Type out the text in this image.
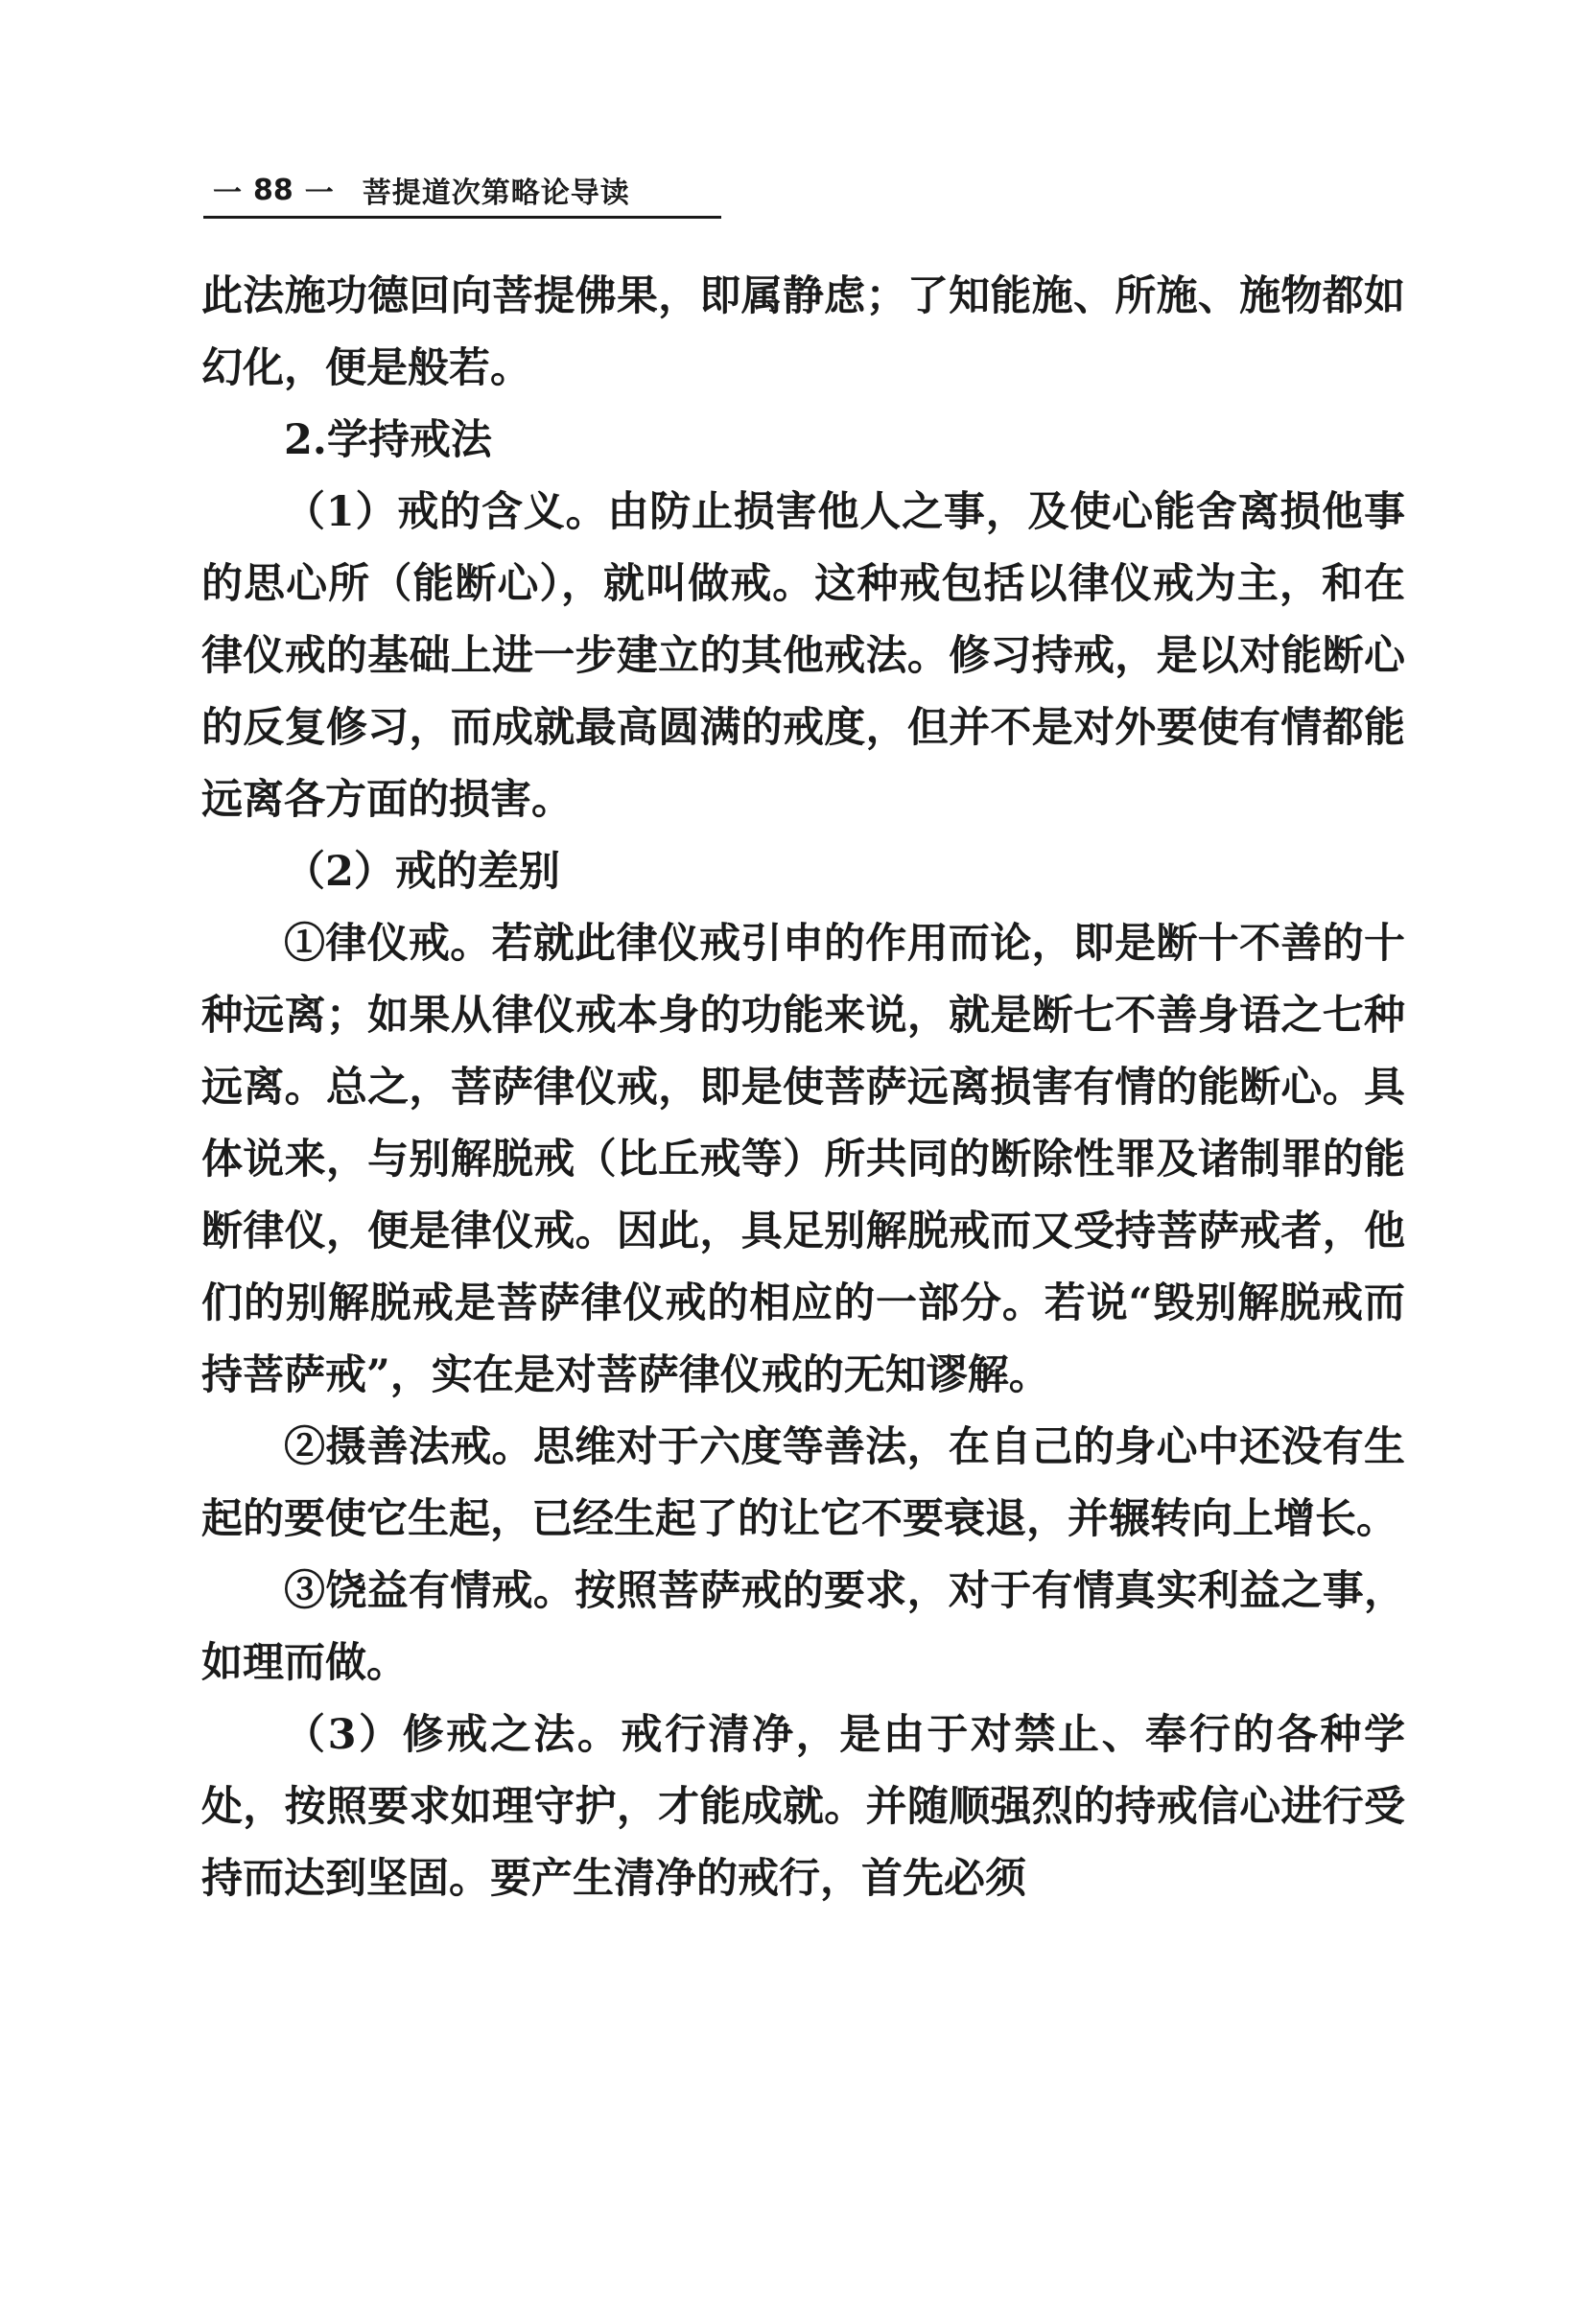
一 88 一	菩提道次第略论导读

此法施功德回向菩提佛果，即属静虑；了知能施、所施、施物都如幻化，便是般若。

2.学持戒法

（1）戒的含义。由防止损害他人之事，及使心能舍离损他事的思心所（能断心），就叫做戒。这种戒包括以律仪戒为主，和在律仪戒的基础上进一步建立的其他戒法。修习持戒，是以对能断心的反复修习，而成就最高圆满的戒度，但并不是对外要使有情都能远离各方面的损害。

（2）戒的差别

①律仪戒。若就此律仪戒引申的作用而论，即是断十不善的十种远离；如果从律仪戒本身的功能来说，就是断七不善身语之七种远离。总之，菩萨律仪戒，即是使菩萨远离损害有情的能断心。具体说来，与别解脱戒（比丘戒等）所共同的断除性罪及诸制罪的能断律仪，便是律仪戒。因此，具足别解脱戒而又受持菩萨戒者，他们的别解脱戒是菩萨律仪戒的相应的一部分。若说“毁别解脱戒而持菩萨戒”，实在是对菩萨律仪戒的无知谬解。

②摄善法戒。思维对于六度等善法，在自己的身心中还没有生起的要使它生起，已经生起了的让它不要衰退，并辗转向上增长。

③饶益有情戒。按照菩萨戒的要求，对于有情真实利益之事，如理而做。

（3）修戒之法。戒行清净，是由于对禁止、奉行的各种学处，按照要求如理守护，才能成就。并随顺强烈的持戒信心进行受持而达到坚固。要产生清净的戒行，首先必须
